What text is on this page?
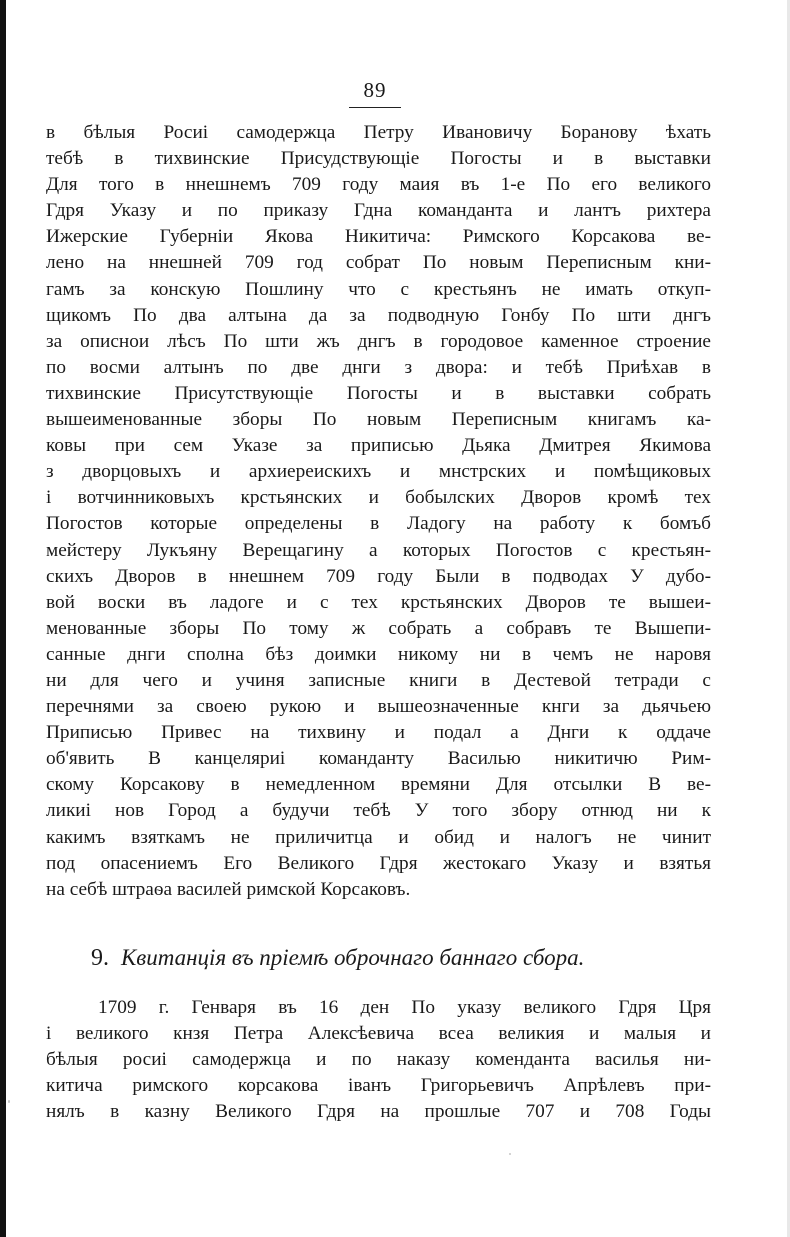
89
в бѣлыя Росиі самодержца Петру Ивановичу Боранову ѣхать
тебѣ в тихвинские Присудствующіе Погосты и в выставки
Для того в ннешнемъ 709 году маия въ 1-е По его великого
Гдря Указу и по приказу Гдна команданта и лантъ рихтера
Ижерские Губерніи Якова Никитича: Римского Корсакова ве-
лено на ннешней 709 год собрат По новым Переписным кни-
гамъ за конскую Пошлину что с крестьянъ не имать откуп-
щикомъ По два алтына да за подводную Гонбу По шти днгъ
за описнои лѣсъ По шти жъ днгъ в городовое каменное строение
по восми алтынъ по две днги з двора: и тебѣ Приѣхав в
тихвинские Присутствующіе Погосты и в выставки собрать
вышеименованные зборы По новым Переписным книгамъ ка-
ковы при сем Указе за приписью Дьяка Дмитрея Якимова
з дворцовыхъ и архиереискихъ и мнстрских и помѣщиковых
і вотчинниковыхъ крстьянских и бобылских Дворов кромѣ тех
Погостов которые определены в Ладогу на работу к бомъб
мейстеру Лукъяну Верещагину а которых Погостов с крестьян-
скихъ Дворов в ннешнем 709 году Были в подводах У дубо-
вой воски въ ладоге и с тех крстьянских Дворов те вышеи-
менованные зборы По тому ж собрать а собравъ те Вышепи-
санные днги сполна бѣз доимки никому ни в чемъ не наровя
ни для чего и учиня записные книги в Дестевой тетради с
перечнями за своею рукою и вышеозначенные кнги за дьячьею
Приписью Привес на тихвину и подал а Днги к оддаче
об'явить В канцеляриі команданту Василью никитичю Рим-
скому Корсакову в немедленном времяни Для отсылки В ве-
ликиі нов Город а будучи тебѣ У того збору отнюд ни к
какимъ взяткамъ не приличитца и обид и налогъ не чинит
под опасениемъ Его Великого Гдря жестокаго Указу и взятья
на себѣ штраѳа василей римской Корсаковъ.
9. Квитанція въ пріемѣ оброчнаго баннаго сбора.
1709 г. Генваря въ 16 ден По указу великого Гдря Цря
і великого кнзя Петра Алексѣевича всеа великия и малыя и
бѣлыя росиі самодержца и по наказу коменданта василья ни-
китича римского корсакова іванъ Григорьевичъ Апрѣлевъ при-
нялъ в казну Великого Гдря на прошлые 707 и 708 Годы
